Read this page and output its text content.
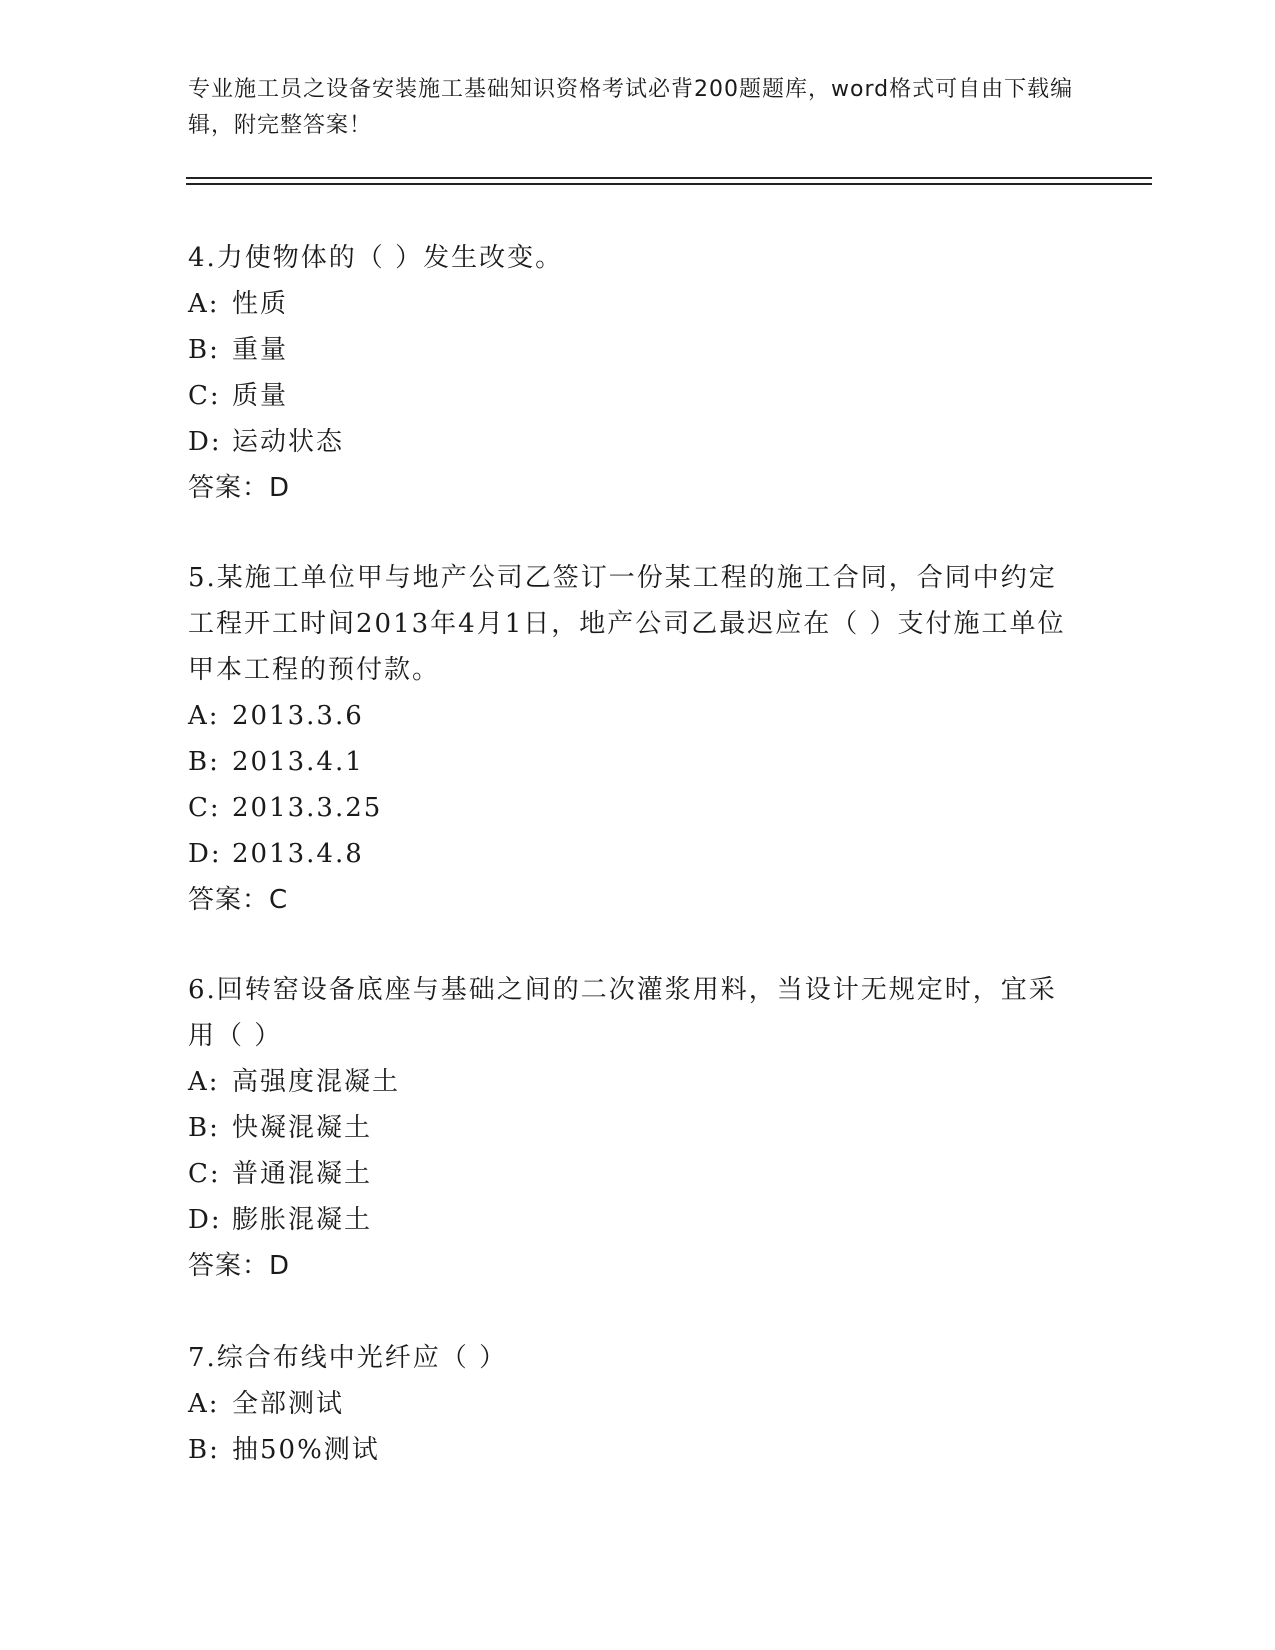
专业施工员之设备安装施工基础知识资格考试必背200题题库，word格式可自由下载编辑，附完整答案！

4.力使物体的（ ）发生改变。

A: 性质

B: 重量

C: 质量

D: 运动状态

答案：D

5.某施工单位甲与地产公司乙签订一份某工程的施工合同，合同中约定工程开工时间2013年4月1日，地产公司乙最迟应在（ ）支付施工单位甲本工程的预付款。

A: 2013.3.6

B: 2013.4.1

C: 2013.3.25

D: 2013.4.8

答案：C

6.回转窑设备底座与基础之间的二次灌浆用料，当设计无规定时，宜采用（ ）

A: 高强度混凝土

B: 快凝混凝土

C: 普通混凝土

D: 膨胀混凝土

答案：D

7.综合布线中光纤应（ ）

A: 全部测试

B: 抽50%测试
